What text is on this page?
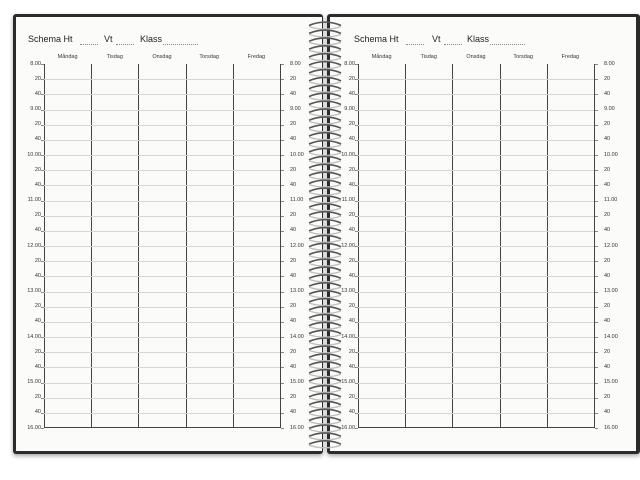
Schema Ht	Vt	Klass
Måndag	Tisdag	Onsdag	Torsdag	Fredag
8.00	8.00
20	20
40	40
9.00	9.00
20	20
40	40
10.00	10.00
20	20
40	40
11.00	11.00
20	20
40	40
12.00	12.00
20	20
40	40
13.00	13.00
20	20
40	40
14.00	14.00
20	20
40	40
15.00	15.00
20	20
40	40
16.00	16.00
Schema Ht	Vt	Klass
Måndag	Tisdag	Onsdag	Torsdag	Fredag
8.00	8.00
20	20
40	40
9.00	9.00
20	20
40	40
10.00	10.00
20	20
40	40
11.00	11.00
20	20
40	40
12.00	12.00
20	20
40	40
13.00	13.00
20	20
40	40
14.00	14.00
20	20
40	40
15.00	15.00
20	20
40	40
16.00	16.00
